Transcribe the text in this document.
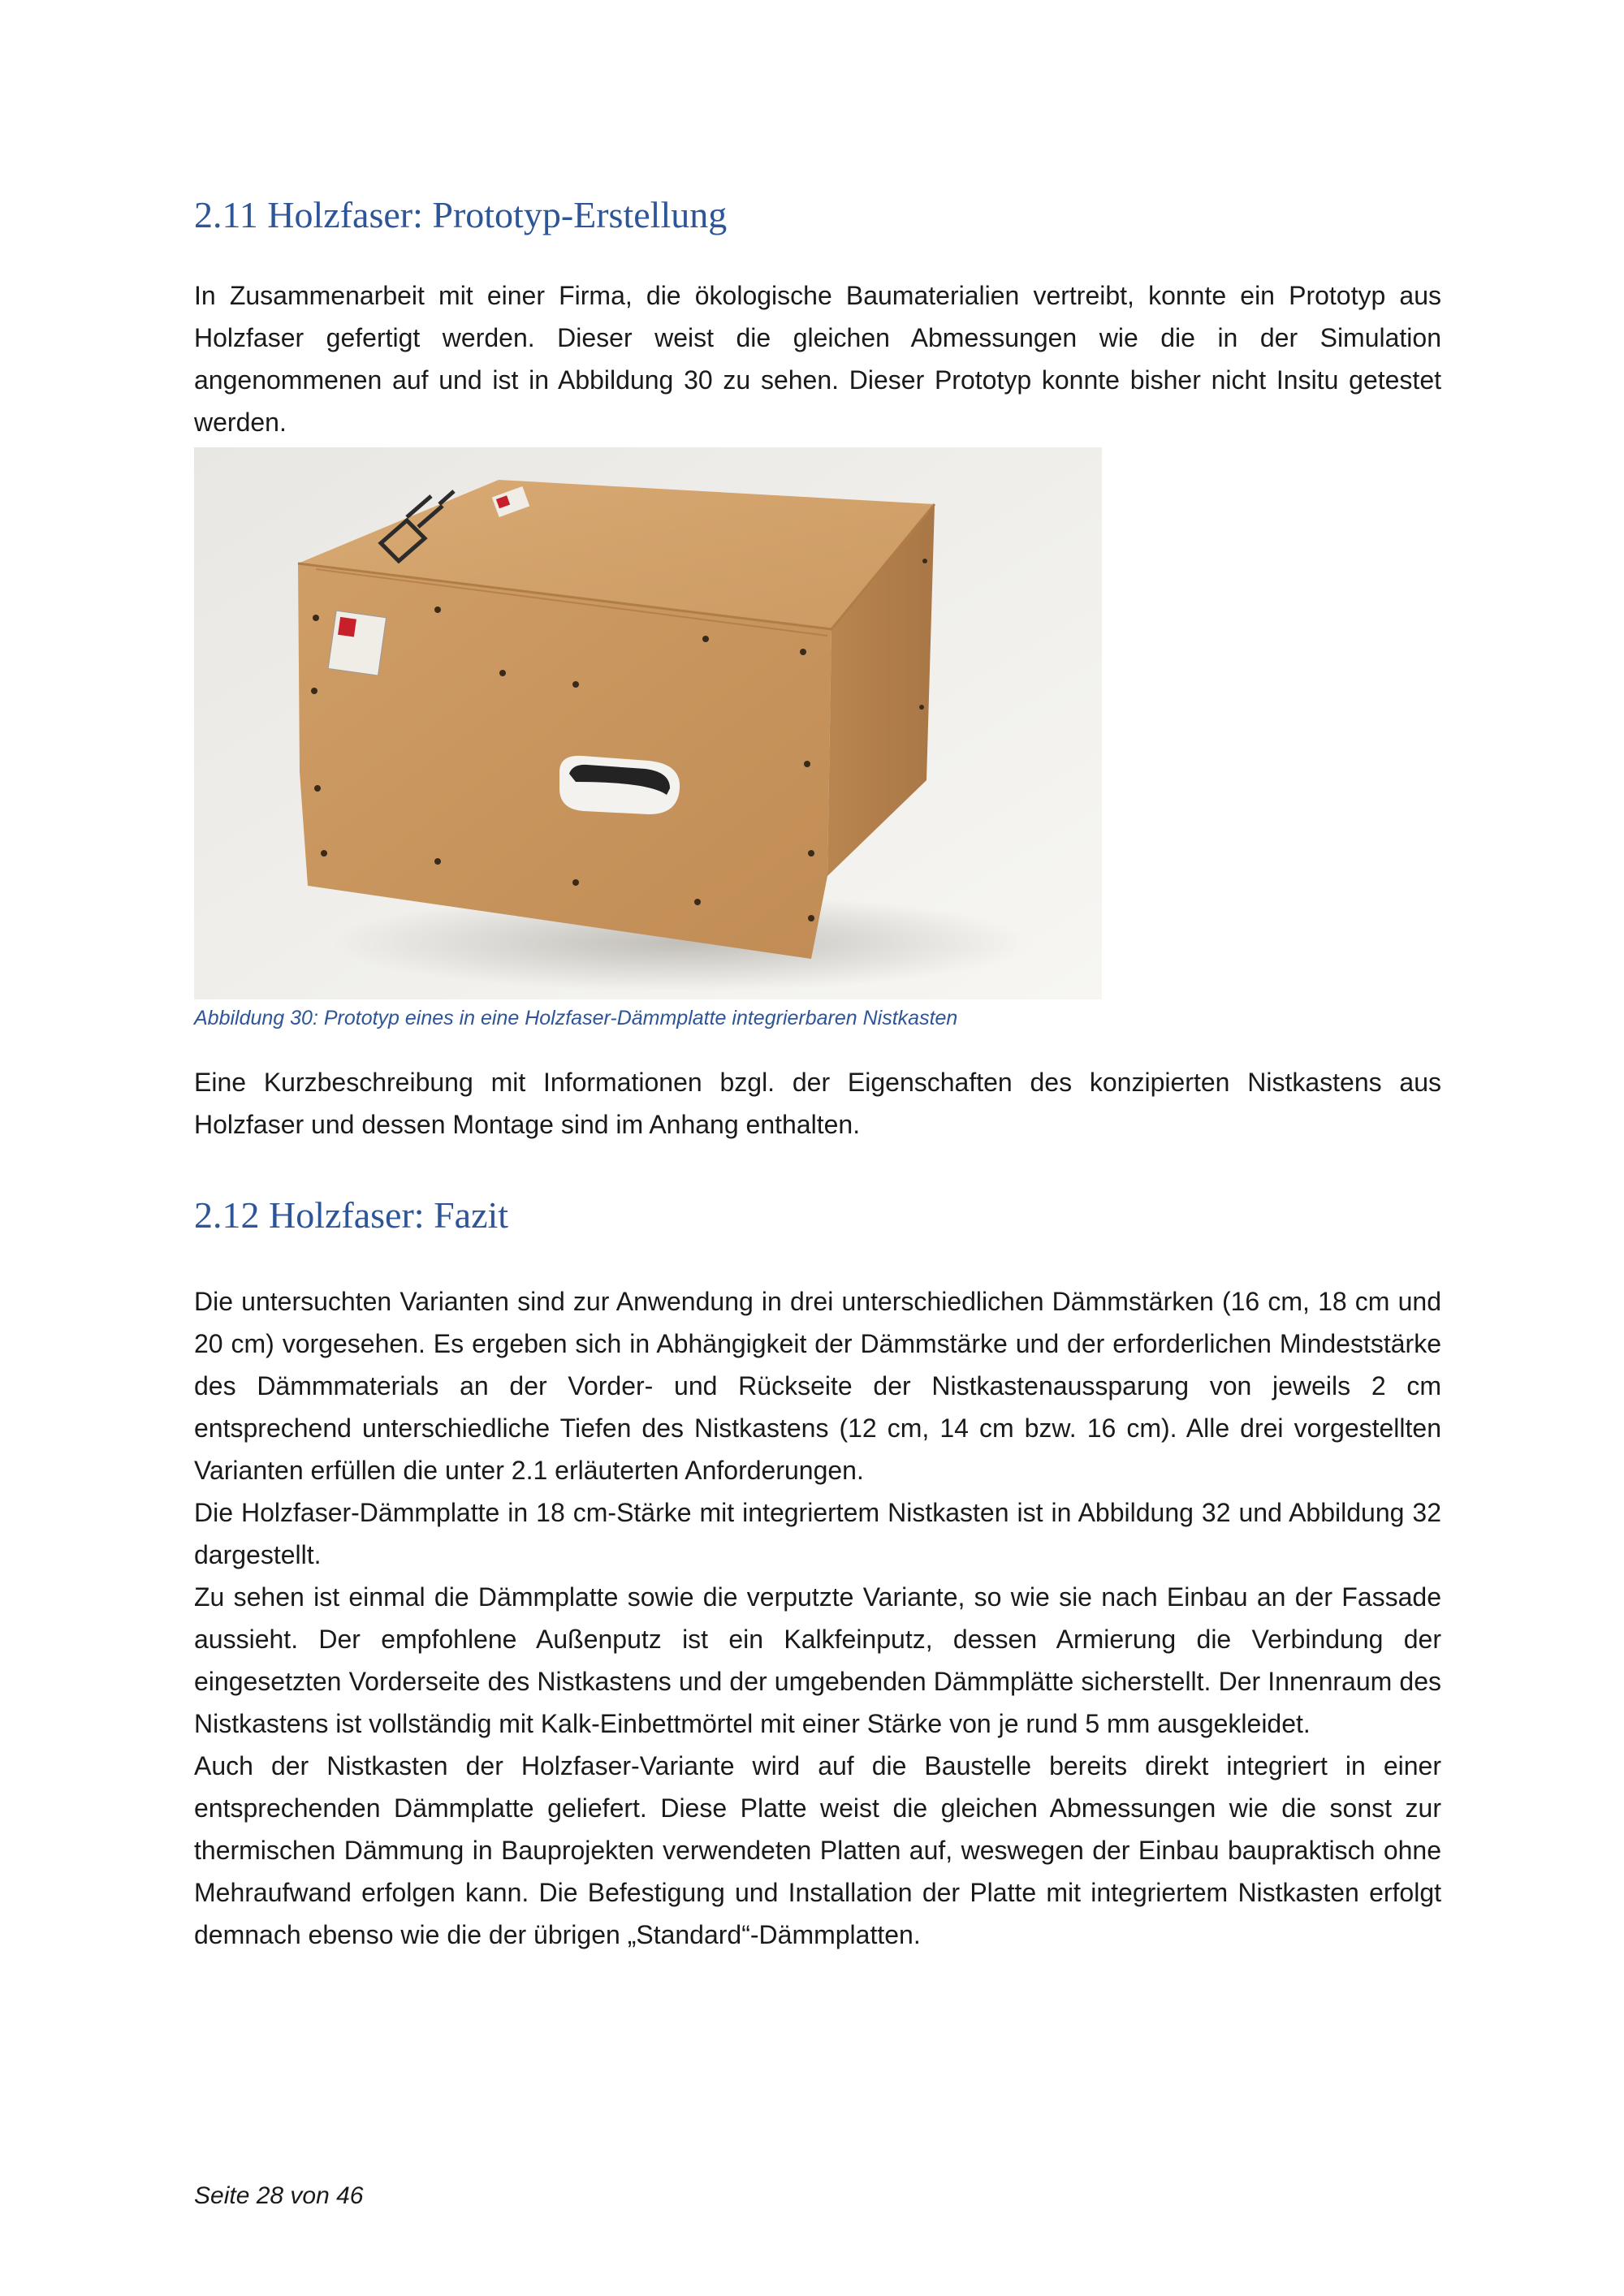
2.11 Holzfaser: Prototyp-Erstellung

In Zusammenarbeit mit einer Firma, die ökologische Baumaterialien vertreibt, konnte ein Prototyp aus Holzfaser gefertigt werden. Dieser weist die gleichen Abmessungen wie die in der Simulation angenommenen auf und ist in Abbildung 30 zu sehen. Dieser Prototyp konnte bisher nicht Insitu getestet werden.

Abbildung 30: Prototyp eines in eine Holzfaser-Dämmplatte integrierbaren Nistkasten

Eine Kurzbeschreibung mit Informationen bzgl. der Eigenschaften des konzipierten Nistkastens aus Holzfaser und dessen Montage sind im Anhang enthalten.

2.12 Holzfaser: Fazit

Die untersuchten Varianten sind zur Anwendung in drei unterschiedlichen Dämmstärken (16 cm, 18 cm und 20 cm) vorgesehen. Es ergeben sich in Abhängigkeit der Dämmstärke und der erforderlichen Mindeststärke des Dämmmaterials an der Vorder- und Rückseite der Nistkastenaussparung von jeweils 2 cm entsprechend unterschiedliche Tiefen des Nistkastens (12 cm, 14 cm bzw. 16 cm). Alle drei vorgestellten Varianten erfüllen die unter 2.1 erläuterten Anforderungen.

Die Holzfaser-Dämmplatte in 18 cm-Stärke mit integriertem Nistkasten ist in Abbildung 32 und Abbildung 32 dargestellt.

Zu sehen ist einmal die Dämmplatte sowie die verputzte Variante, so wie sie nach Einbau an der Fassade aussieht. Der empfohlene Außenputz ist ein Kalkfeinputz, dessen Armierung die Verbindung der eingesetzten Vorderseite des Nistkastens und der umgebenden Dämmplätte sicherstellt. Der Innenraum des Nistkastens ist vollständig mit Kalk-Einbettmörtel mit einer Stärke von je rund 5 mm ausgekleidet.

Auch der Nistkasten der Holzfaser-Variante wird auf die Baustelle bereits direkt integriert in einer entsprechenden Dämmplatte geliefert. Diese Platte weist die gleichen Abmessungen wie die sonst zur thermischen Dämmung in Bauprojekten verwendeten Platten auf, weswegen der Einbau baupraktisch ohne Mehraufwand erfolgen kann. Die Befestigung und Installation der Platte mit integriertem Nistkasten erfolgt demnach ebenso wie die der übrigen „Standard“-Dämmplatten.

Seite 28 von 46
